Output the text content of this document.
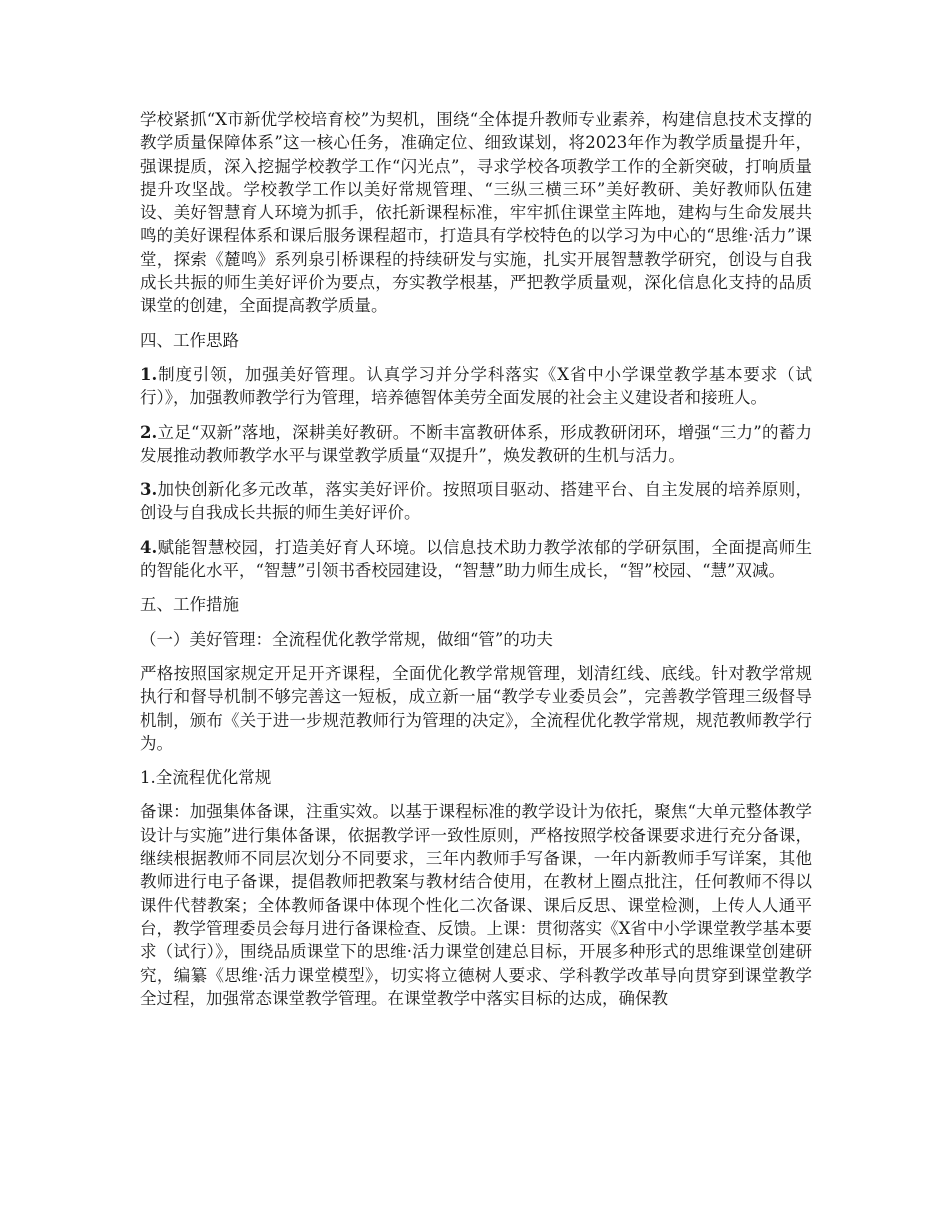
学校紧抓“X市新优学校培育校”为契机，围绕“全体提升教师专业素养，构建信息技术支撑的教学质量保障体系”这一核心任务，准确定位、细致谋划，将2023年作为教学质量提升年，强课提质，深入挖掘学校教学工作“闪光点”，寻求学校各项教学工作的全新突破，打响质量提升攻坚战。学校教学工作以美好常规管理、“三纵三横三环”美好教研、美好教师队伍建设、美好智慧育人环境为抓手，依托新课程标准，牢牢抓住课堂主阵地，建构与生命发展共鸣的美好课程体系和课后服务课程超市，打造具有学校特色的以学习为中心的“思维·活力”课堂，探索《麓鸣》系列泉引桥课程的持续研发与实施，扎实开展智慧教学研究，创设与自我成长共振的师生美好评价为要点，夯实教学根基，严把教学质量观，深化信息化支持的品质课堂的创建，全面提高教学质量。

四、工作思路

1.制度引领，加强美好管理。认真学习并分学科落实《X省中小学课堂教学基本要求（试行）》，加强教师教学行为管理，培养德智体美劳全面发展的社会主义建设者和接班人。

2.立足“双新”落地，深耕美好教研。不断丰富教研体系，形成教研闭环，增强“三力”的蓄力发展推动教师教学水平与课堂教学质量“双提升”，焕发教研的生机与活力。

3.加快创新化多元改革，落实美好评价。按照项目驱动、搭建平台、自主发展的培养原则，创设与自我成长共振的师生美好评价。

4.赋能智慧校园，打造美好育人环境。以信息技术助力教学浓郁的学研氛围，全面提高师生的智能化水平，“智慧”引领书香校园建设，“智慧”助力师生成长，“智”校园、“慧”双减。

五、工作措施

（一）美好管理：全流程优化教学常规，做细“管”的功夫

严格按照国家规定开足开齐课程，全面优化教学常规管理，划清红线、底线。针对教学常规执行和督导机制不够完善这一短板，成立新一届“教学专业委员会”，完善教学管理三级督导机制，颁布《关于进一步规范教师行为管理的决定》，全流程优化教学常规，规范教师教学行为。

1.全流程优化常规

备课：加强集体备课，注重实效。以基于课程标准的教学设计为依托，聚焦“大单元整体教学设计与实施”进行集体备课，依据教学评一致性原则，严格按照学校备课要求进行充分备课，继续根据教师不同层次划分不同要求，三年内教师手写备课，一年内新教师手写详案，其他教师进行电子备课，提倡教师把教案与教材结合使用，在教材上圈点批注，任何教师不得以课件代替教案；全体教师备课中体现个性化二次备课、课后反思、课堂检测，上传人人通平台，教学管理委员会每月进行备课检查、反馈。上课：贯彻落实《X省中小学课堂教学基本要求（试行）》，围绕品质课堂下的思维·活力课堂创建总目标，开展多种形式的思维课堂创建研究，编纂《思维·活力课堂模型》，切实将立德树人要求、学科教学改革导向贯穿到课堂教学全过程，加强常态课堂教学管理。在课堂教学中落实目标的达成，确保教
